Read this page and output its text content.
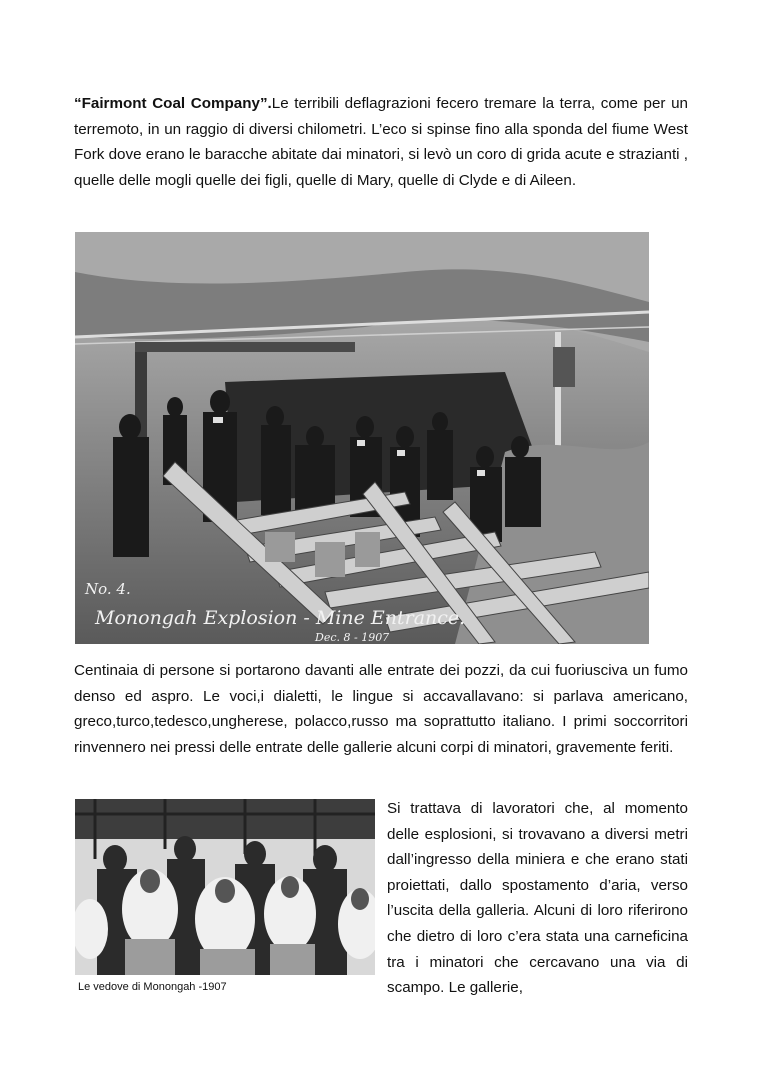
“Fairmont Coal Company”.Le terribili deflagrazioni fecero tremare la terra, come per un terremoto, in un raggio di diversi chilometri. L’eco si spinse fino alla sponda del fiume West Fork dove erano le baracche abitate dai minatori, si levò un coro di grida acute e strazianti , quelle delle mogli quelle dei figli, quelle di Mary, quelle di Clyde e di Aileen.

No. 4.
Monongah Explosion - Mine Entrance.
Dec. 8 - 1907

Centinaia di persone si portarono davanti alle entrate dei pozzi, da cui fuoriusciva un fumo denso ed aspro. Le voci,i dialetti, le lingue si accavallavano: si parlava americano, greco,turco,tedesco,ungherese, polacco,russo ma soprattutto italiano. I primi soccorritori rinvennero nei pressi delle entrate delle gallerie alcuni corpi di minatori, gravemente feriti.

Le vedove di Monongah -1907

Si trattava di lavoratori che, al momento delle esplosioni, si trovavano a diversi metri dall’ingresso della miniera e che erano stati proiettati, dallo spostamento d’aria, verso l’uscita della galleria. Alcuni di loro riferirono che dietro di loro c’era stata una carneficina tra i minatori che cercavano una via di scampo. Le gallerie,
